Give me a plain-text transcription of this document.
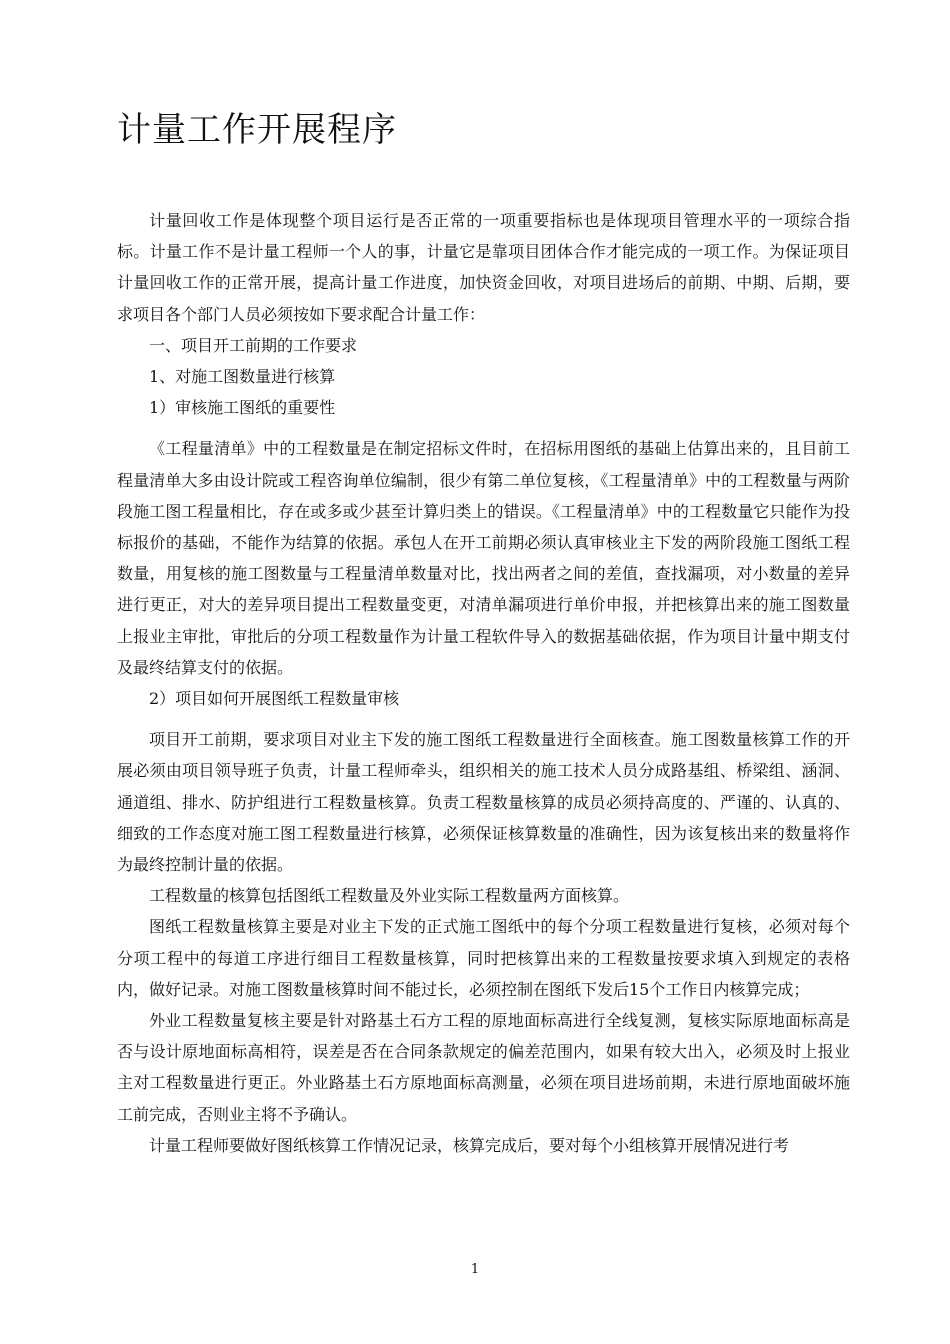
计量工作开展程序

计量回收工作是体现整个项目运行是否正常的一项重要指标也是体现项目管理水平的一项综合指标。计量工作不是计量工程师一个人的事，计量它是靠项目团体合作才能完成的一项工作。为保证项目计量回收工作的正常开展，提高计量工作进度，加快资金回收，对项目进场后的前期、中期、后期，要求项目各个部门人员必须按如下要求配合计量工作：

一、项目开工前期的工作要求

1、对施工图数量进行核算

1）审核施工图纸的重要性

《工程量清单》中的工程数量是在制定招标文件时，在招标用图纸的基础上估算出来的，且目前工程量清单大多由设计院或工程咨询单位编制，很少有第二单位复核，《工程量清单》中的工程数量与两阶段施工图工程量相比，存在或多或少甚至计算归类上的错误。《工程量清单》中的工程数量它只能作为投标报价的基础，不能作为结算的依据。承包人在开工前期必须认真审核业主下发的两阶段施工图纸工程数量，用复核的施工图数量与工程量清单数量对比，找出两者之间的差值，查找漏项，对小数量的差异进行更正，对大的差异项目提出工程数量变更，对清单漏项进行单价申报，并把核算出来的施工图数量上报业主审批，审批后的分项工程数量作为计量工程软件导入的数据基础依据，作为项目计量中期支付及最终结算支付的依据。

2）项目如何开展图纸工程数量审核

项目开工前期，要求项目对业主下发的施工图纸工程数量进行全面核查。施工图数量核算工作的开展必须由项目领导班子负责，计量工程师牵头，组织相关的施工技术人员分成路基组、桥梁组、涵洞、通道组、排水、防护组进行工程数量核算。负责工程数量核算的成员必须持高度的、严谨的、认真的、细致的工作态度对施工图工程数量进行核算，必须保证核算数量的准确性，因为该复核出来的数量将作为最终控制计量的依据。

工程数量的核算包括图纸工程数量及外业实际工程数量两方面核算。

图纸工程数量核算主要是对业主下发的正式施工图纸中的每个分项工程数量进行复核，必须对每个分项工程中的每道工序进行细目工程数量核算，同时把核算出来的工程数量按要求填入到规定的表格内，做好记录。对施工图数量核算时间不能过长，必须控制在图纸下发后15个工作日内核算完成；

外业工程数量复核主要是针对路基土石方工程的原地面标高进行全线复测，复核实际原地面标高是否与设计原地面标高相符，误差是否在合同条款规定的偏差范围内，如果有较大出入，必须及时上报业主对工程数量进行更正。外业路基土石方原地面标高测量，必须在项目进场前期，未进行原地面破坏施工前完成，否则业主将不予确认。

计量工程师要做好图纸核算工作情况记录，核算完成后，要对每个小组核算开展情况进行考

1
